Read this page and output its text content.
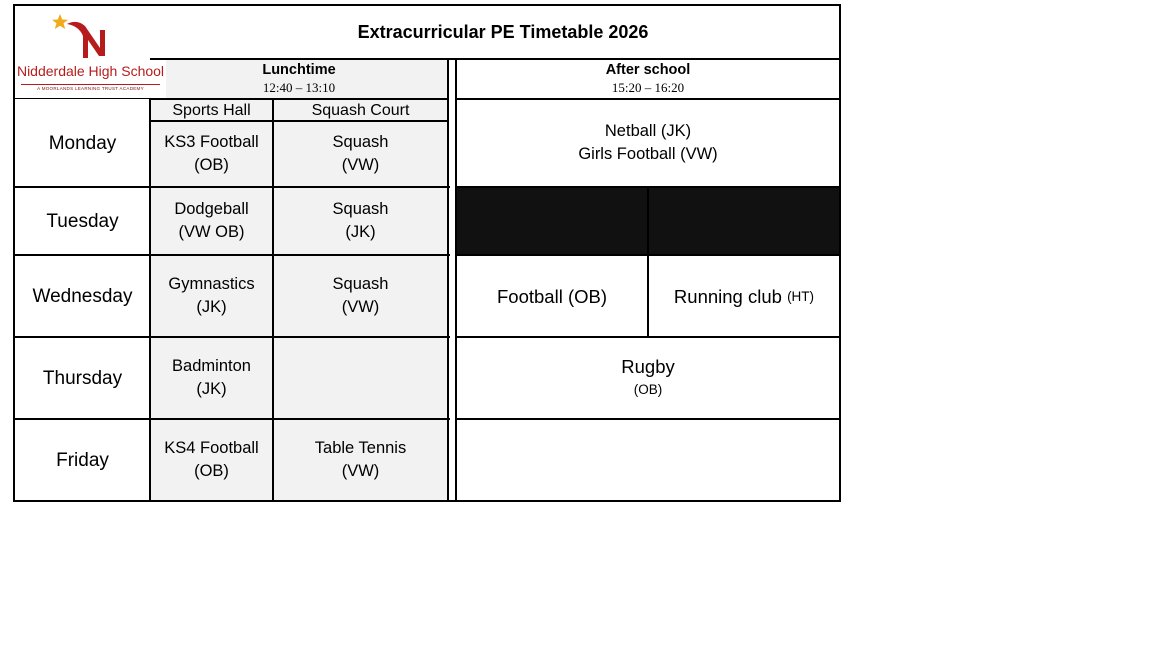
Nidderdale High School
A MOORLANDS LEARNING TRUST ACADEMY
Extracurricular PE Timetable 2026
Lunchtime
12:40 – 13:10
After school
15:20 – 16:20
Sports Hall	Squash Court
Monday
Tuesday
Wednesday
Thursday
Friday
KS3 Football
(OB)
Squash
(VW)
Netball (JK)
Girls Football (VW)
Dodgeball
(VW OB)
Squash
(JK)
Gymnastics
(JK)
Squash
(VW)
Football (OB)	Running club
(HT)
Badminton
(JK)
Rugby
(OB)
KS4 Football
(OB)
Table Tennis
(VW)
